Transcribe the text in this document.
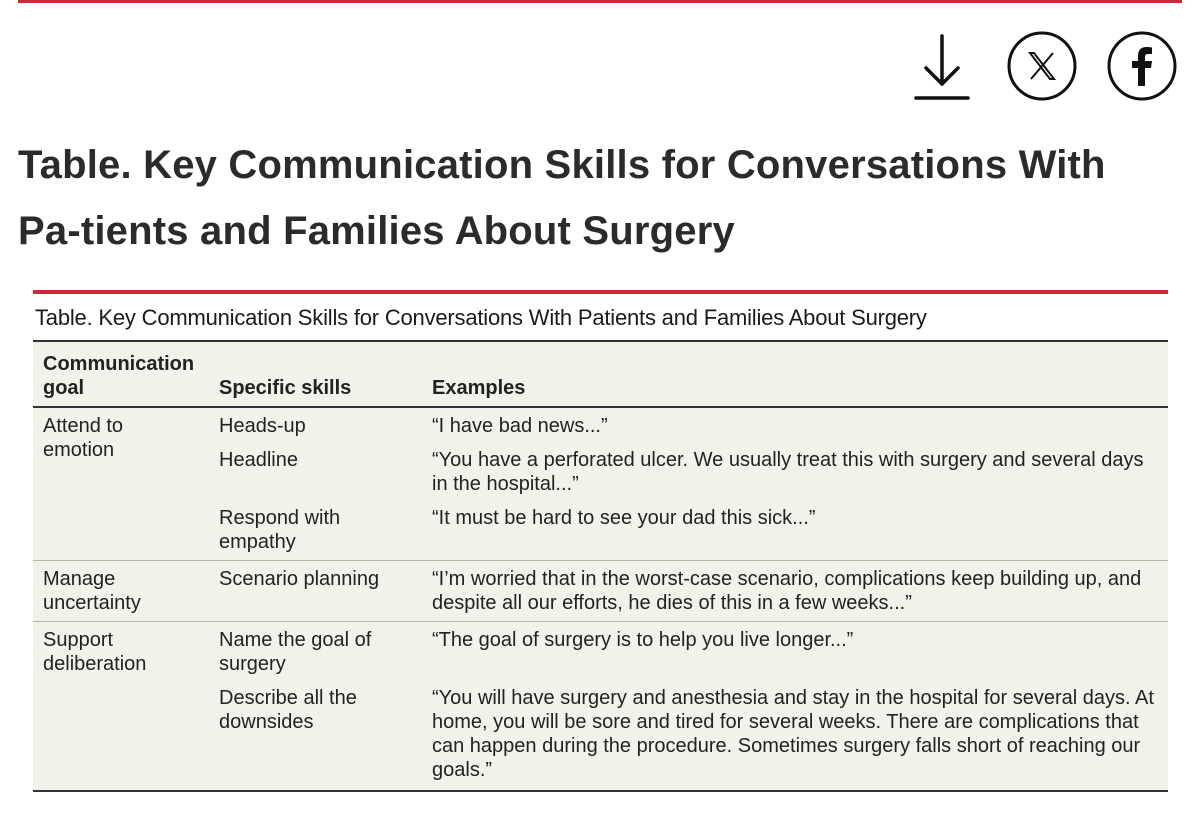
Table. Key Communication Skills for Conversations With Pa-tients and Families About Surgery
Table. Key Communication Skills for Conversations With Patients and Families About Surgery
Communication goal	Specific skills	Examples
Attend to emotion	Heads-up	“I have bad news...”
	Headline	“You have a perforated ulcer. We usually treat this with surgery and several days in the hospital...”
	Respond with empathy	“It must be hard to see your dad this sick...”
Manage uncertainty	Scenario planning	“I’m worried that in the worst-case scenario, complications keep building up, and despite all our efforts, he dies of this in a few weeks...”
Support deliberation	Name the goal of surgery	“The goal of surgery is to help you live longer...”
	Describe all the downsides	“You will have surgery and anesthesia and stay in the hospital for several days. At home, you will be sore and tired for several weeks. There are complications that can happen during the procedure. Sometimes surgery falls short of reaching our goals.”
